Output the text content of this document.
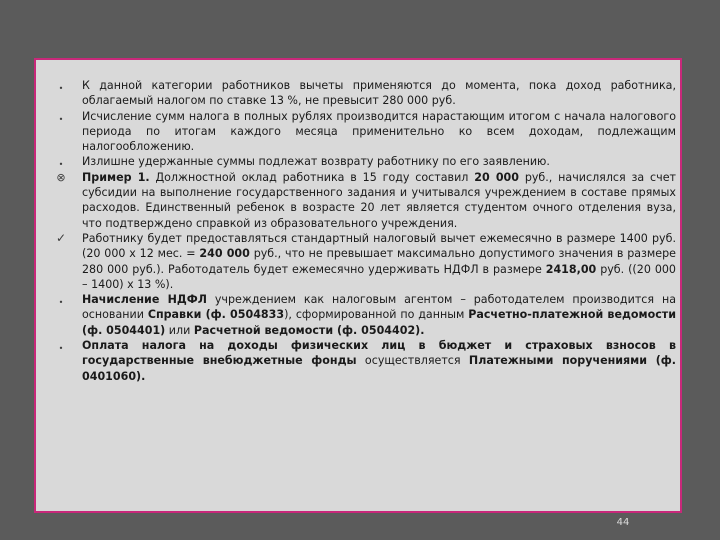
•	К данной категории работников вычеты применяются до момента, пока доход работника, облагаемый налогом по ставке 13 %, не превысит 280 000 руб.
•	Исчисление сумм налога в полных рублях производится нарастающим итогом с начала налогового периода по итогам каждого месяца применительно ко всем доходам, подлежащим налогообложению.
•	Излишне удержанные суммы подлежат возврату работнику по его заявлению.
⊗ Пример 1. Должностной оклад работника в 15 году составил 20 000 руб., начислялся за счет субсидии на выполнение государственного задания и учитывался учреждением в составе прямых расходов. Единственный ребенок в возрасте 20 лет является студентом очного отделения вуза, что подтверждено справкой из образовательного учреждения.
✓ Работнику будет предоставляться стандартный налоговый вычет ежемесячно в размере 1400 руб. (20 000 х 12 мес. = 240 000 руб., что не превышает максимально допустимого значения в размере 280 000 руб.). Работодатель будет ежемесячно удерживать НДФЛ в размере 2418,00 руб. ((20 000 – 1400) х 13 %).
•	Начисление НДФЛ учреждением как налоговым агентом – работодателем производится на основании Справки (ф. 0504833), сформированной по данным Расчетно-платежной ведомости (ф. 0504401) или Расчетной ведомости (ф. 0504402).
•	Оплата налога на доходы физических лиц в бюджет и страховых взносов в государственные внебюджетные фонды осуществляется Платежными поручениями (ф. 0401060).
44
